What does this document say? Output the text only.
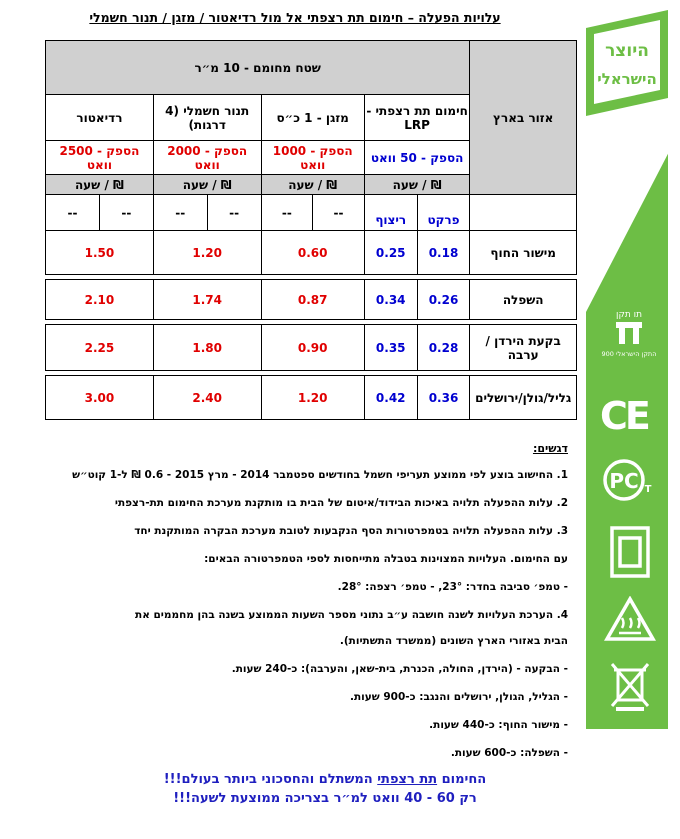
עלויות הפעלה – חימום תת רצפתי אל מול רדיאטור / מזגן / תנור חשמלי
אזור בארץ	שטח מחומם - 10 מ״ר							

	חימום תת רצפתי - LRP		מזגן - 1 כ״ס		תנור חשמלי (4 דרגות)		רדיאטור	

	הספק - 50 וואט		הספק - 1000 וואט		הספק - 2000 וואט		הספק - 2500 וואט	
	₪ / שעה		₪ / שעה		₪ / שעה		₪ / שעה	
	פרקט	ריצוף	--	--	--	--	--	--
מישור החוף	0.18	0.25	0.60		1.20		1.50	

השפלה	0.26	0.34	0.87		1.74		2.10	

בקעת הירדן / ערבה	0.28	0.35	0.90		1.80		2.25	

גליל/גולן/ירושלים	0.36	0.42	1.20		2.40		3.00	
היוצר
הישראלי
תו תקן
התקן הישראלי 900
CE
PC T
דגשים:

1. החישוב בוצע לפי ממוצע תעריפי חשמל בחודשים ספטמבר 2014 - מרץ 2015 - 0.6 ₪ ל-1 קוט״ש

2. עלות ההפעלה תלויה באיכות הבידוד/איטום של הבית בו מותקנת מערכת החימום תת-רצפתי

3. עלות ההפעלה תלויה בטמפרטורות הסף הנקבעות לטובת מערכת הבקרה המותקנת יחד

עם החימום. העלויות המצוינות בטבלה מתייחסות לספי הטמפרטורה הבאים:

- טמפ׳ סביבה בחדר: 23°, - טמפ׳ רצפה: 28°.

4. הערכת העלויות לשנה חושבה ע״ב נתוני מספר השעות הממוצע בשנה בהן מחממים את

הבית באזורי הארץ השונים (ממשרד התשתיות).

- הבקעה - (הירדן, החולה, הכנרת, בית-שאן, והערבה): כ-240 שעות.

- הגליל, הגולן, ירושלים והנגב: כ-900 שעות.

- מישור החוף: כ-440 שעות.

- השפלה: כ-600 שעות.

החימום תת רצפתי המשתלם והחסכוני ביותר בעולם!!!
רק 60 - 40 וואט למ״ר בצריכה ממוצעת לשעה!!!
